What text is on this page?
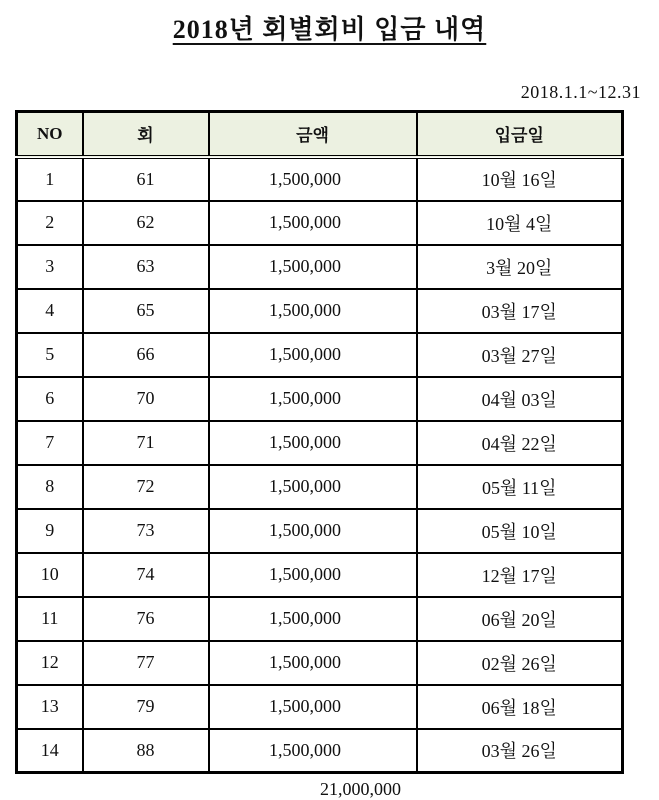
2018년 회별회비 입금 내역
2018.1.1~12.31
NO	회	금액	입금일
1	61	1,500,000	10월 16일
2	62	1,500,000	10월 4일
3	63	1,500,000	3월 20일
4	65	1,500,000	03월 17일
5	66	1,500,000	03월 27일
6	70	1,500,000	04월 03일
7	71	1,500,000	04월 22일
8	72	1,500,000	05월 11일
9	73	1,500,000	05월 10일
10	74	1,500,000	12월 17일
11	76	1,500,000	06월 20일
12	77	1,500,000	02월 26일
13	79	1,500,000	06월 18일
14	88	1,500,000	03월 26일
21,000,000
